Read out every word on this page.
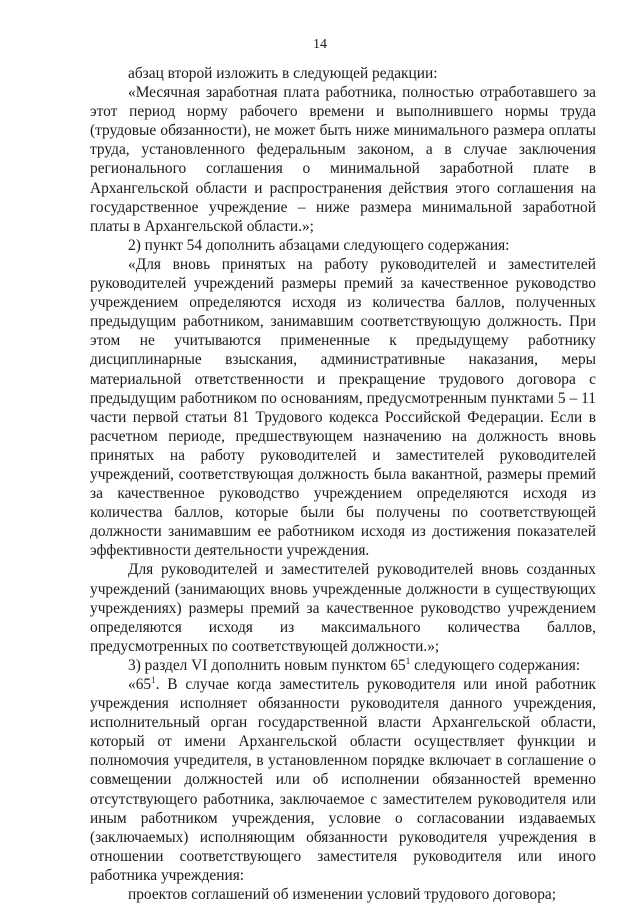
14

абзац второй изложить в следующей редакции:

«Месячная заработная плата работника, полностью отработавшего за этот период норму рабочего времени и выполнившего нормы труда (трудовые обязанности), не может быть ниже минимального размера оплаты труда, установленного федеральным законом, а в случае заключения регионального соглашения о минимальной заработной плате в Архангельской области и распространения действия этого соглашения на государственное учреждение – ниже размера минимальной заработной платы в Архангельской области.»;

2) пункт 54 дополнить абзацами следующего содержания:

«Для вновь принятых на работу руководителей и заместителей руководителей учреждений размеры премий за качественное руководство учреждением определяются исходя из количества баллов, полученных предыдущим работником, занимавшим соответствующую должность. При этом не учитываются примененные к предыдущему работнику дисциплинарные взыскания, административные наказания, меры материальной ответственности и прекращение трудового договора с предыдущим работником по основаниям, предусмотренным пунктами 5 – 11 части первой статьи 81 Трудового кодекса Российской Федерации. Если в расчетном периоде, предшествующем назначению на должность вновь принятых на работу руководителей и заместителей руководителей учреждений, соответствующая должность была вакантной, размеры премий за качественное руководство учреждением определяются исходя из количества баллов, которые были бы получены по соответствующей должности занимавшим ее работником исходя из достижения показателей эффективности деятельности учреждения.

Для руководителей и заместителей руководителей вновь созданных учреждений (занимающих вновь учрежденные должности в существующих учреждениях) размеры премий за качественное руководство учреждением определяются исходя из максимального количества баллов, предусмотренных по соответствующей должности.»;

3) раздел VI дополнить новым пунктом $65^1$ следующего содержания:

«$65^1$. В случае когда заместитель руководителя или иной работник учреждения исполняет обязанности руководителя данного учреждения, исполнительный орган государственной власти Архангельской области, который от имени Архангельской области осуществляет функции и полномочия учредителя, в установленном порядке включает в соглашение о совмещении должностей или об исполнении обязанностей временно отсутствующего работника, заключаемое с заместителем руководителя или иным работником учреждения, условие о согласовании издаваемых (заключаемых) исполняющим обязанности руководителя учреждения в отношении соответствующего заместителя руководителя или иного работника учреждения:

проектов соглашений об изменении условий трудового договора;
